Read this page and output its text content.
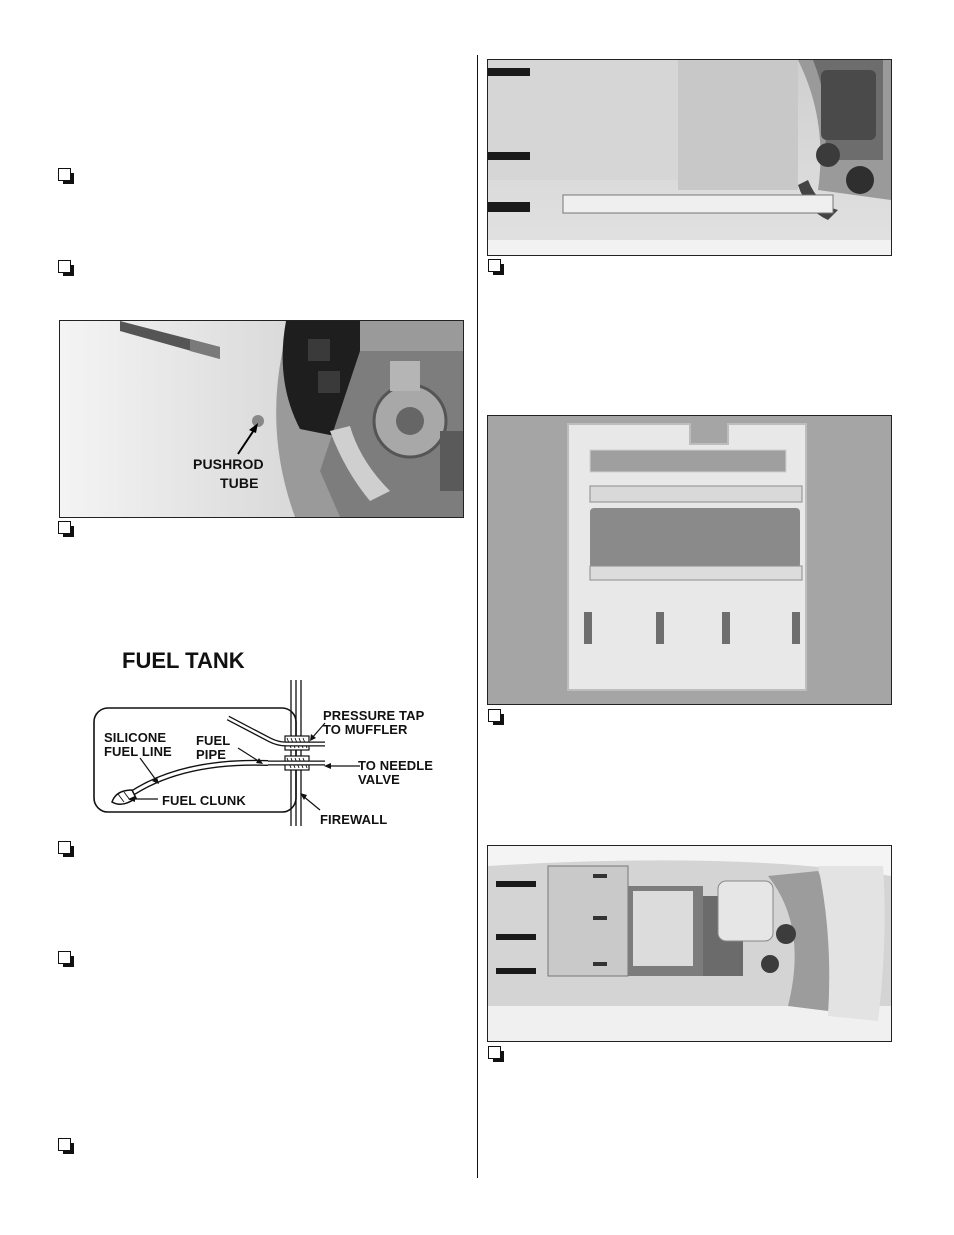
PUSHROD
TUBE
FUEL TANK
PRESSURE TAP
TO MUFFLER
SILICONE
FUEL LINE
FUEL
PIPE
TO NEEDLE
VALVE
FUEL CLUNK
FIREWALL
